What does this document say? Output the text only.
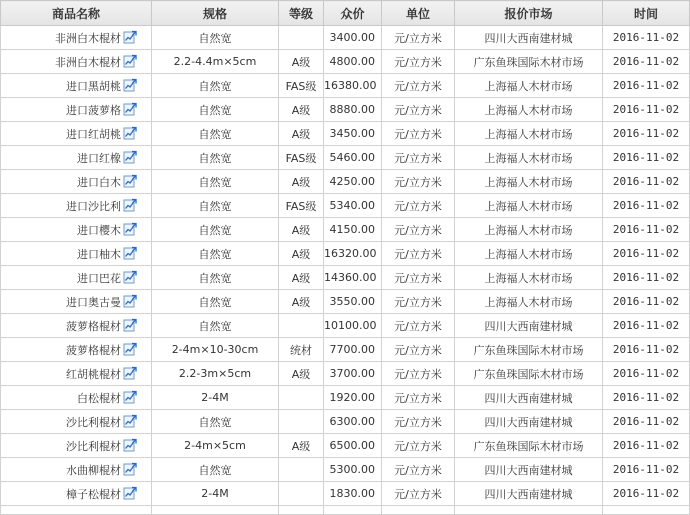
商品名称	规格	等级	众价	单位	报价市场	时间
非洲白木棍材	自然宽		3400.00	元/立方米	四川大西南建材城	2016-11-02
非洲白木棍材	2.2-4.4m×5cm	A级	4800.00	元/立方米	广东鱼珠国际木材市场	2016-11-02
进口黑胡桃	自然宽	FAS级	16380.00	元/立方米	上海福人木材市场	2016-11-02
进口菠萝格	自然宽	A级	8880.00	元/立方米	上海福人木材市场	2016-11-02
进口红胡桃	自然宽	A级	3450.00	元/立方米	上海福人木材市场	2016-11-02
进口红橡	自然宽	FAS级	5460.00	元/立方米	上海福人木材市场	2016-11-02
进口白木	自然宽	A级	4250.00	元/立方米	上海福人木材市场	2016-11-02
进口沙比利	自然宽	FAS级	5340.00	元/立方米	上海福人木材市场	2016-11-02
进口樱木	自然宽	A级	4150.00	元/立方米	上海福人木材市场	2016-11-02
进口柚木	自然宽	A级	16320.00	元/立方米	上海福人木材市场	2016-11-02
进口巴花	自然宽	A级	14360.00	元/立方米	上海福人木材市场	2016-11-02
进口奥古曼	自然宽	A级	3550.00	元/立方米	上海福人木材市场	2016-11-02
菠萝格棍材	自然宽		10100.00	元/立方米	四川大西南建材城	2016-11-02
菠萝格棍材	2-4m×10-30cm	统材	7700.00	元/立方米	广东鱼珠国际木材市场	2016-11-02
红胡桃棍材	2.2-3m×5cm	A级	3700.00	元/立方米	广东鱼珠国际木材市场	2016-11-02
白松棍材	2-4M		1920.00	元/立方米	四川大西南建材城	2016-11-02
沙比利棍材	自然宽		6300.00	元/立方米	四川大西南建材城	2016-11-02
沙比利棍材	2-4m×5cm	A级	6500.00	元/立方米	广东鱼珠国际木材市场	2016-11-02
水曲柳棍材	自然宽		5300.00	元/立方米	四川大西南建材城	2016-11-02
樟子松棍材	2-4M		1830.00	元/立方米	四川大西南建材城	2016-11-02
